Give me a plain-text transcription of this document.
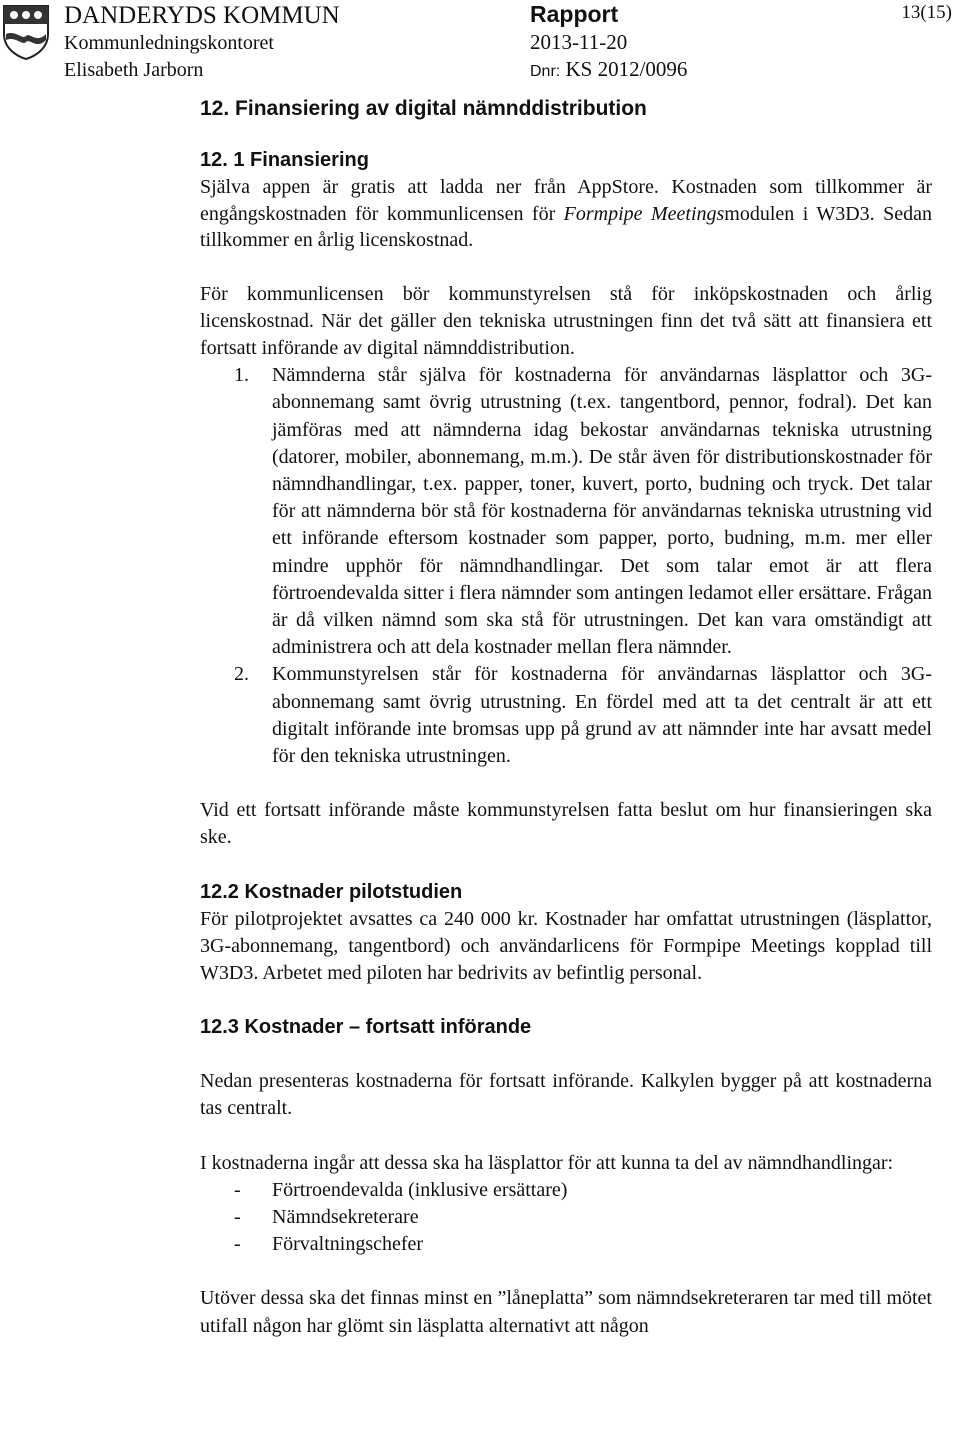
DANDERYDS KOMMUN
Kommunledningskontoret
Elisabeth Jarborn
Rapport
2013-11-20
Dnr: KS 2012/0096
13(15)
12. Finansiering av digital nämnddistribution
12. 1 Finansiering

Själva appen är gratis att ladda ner från AppStore. Kostnaden som tillkommer är engångskostnaden för kommunlicensen för Formpipe Meetingsmodulen i W3D3. Sedan tillkommer en årlig licenskostnad.

För kommunlicensen bör kommunstyrelsen stå för inköpskostnaden och årlig licenskostnad. När det gäller den tekniska utrustningen finn det två sätt att finansiera ett fortsatt införande av digital nämnddistribution.

1. Nämnderna står själva för kostnaderna för användarnas läsplattor och 3G-abonnemang samt övrig utrustning (t.ex. tangentbord, pennor, fodral). Det kan jämföras med att nämnderna idag bekostar användarnas tekniska utrustning (datorer, mobiler, abonnemang, m.m.). De står även för distributionskostnader för nämndhandlingar, t.ex. papper, toner, kuvert, porto, budning och tryck. Det talar för att nämnderna bör stå för kostnaderna för användarnas tekniska utrustning vid ett införande eftersom kostnader som papper, porto, budning, m.m. mer eller mindre upphör för nämndhandlingar. Det som talar emot är att flera förtroendevalda sitter i flera nämnder som antingen ledamot eller ersättare. Frågan är då vilken nämnd som ska stå för utrustningen. Det kan vara omständigt att administrera och att dela kostnader mellan flera nämnder.
2. Kommunstyrelsen står för kostnaderna för användarnas läsplattor och 3G-abonnemang samt övrig utrustning. En fördel med att ta det centralt är att ett digitalt införande inte bromsas upp på grund av att nämnder inte har avsatt medel för den tekniska utrustningen.

Vid ett fortsatt införande måste kommunstyrelsen fatta beslut om hur finansieringen ska ske.

12.2 Kostnader pilotstudien

För pilotprojektet avsattes ca 240 000 kr. Kostnader har omfattat utrustningen (läsplattor, 3G-abonnemang, tangentbord) och användarlicens för Formpipe Meetings kopplad till W3D3. Arbetet med piloten har bedrivits av befintlig personal.

12.3 Kostnader – fortsatt införande

Nedan presenteras kostnaderna för fortsatt införande. Kalkylen bygger på att kostnaderna tas centralt.

I kostnaderna ingår att dessa ska ha läsplattor för att kunna ta del av nämndhandlingar:

- Förtroendevalda (inklusive ersättare)
- Nämndsekreterare
- Förvaltningschefer

Utöver dessa ska det finnas minst en ”låneplatta” som nämndsekreteraren tar med till mötet utifall någon har glömt sin läsplatta alternativt att någon
